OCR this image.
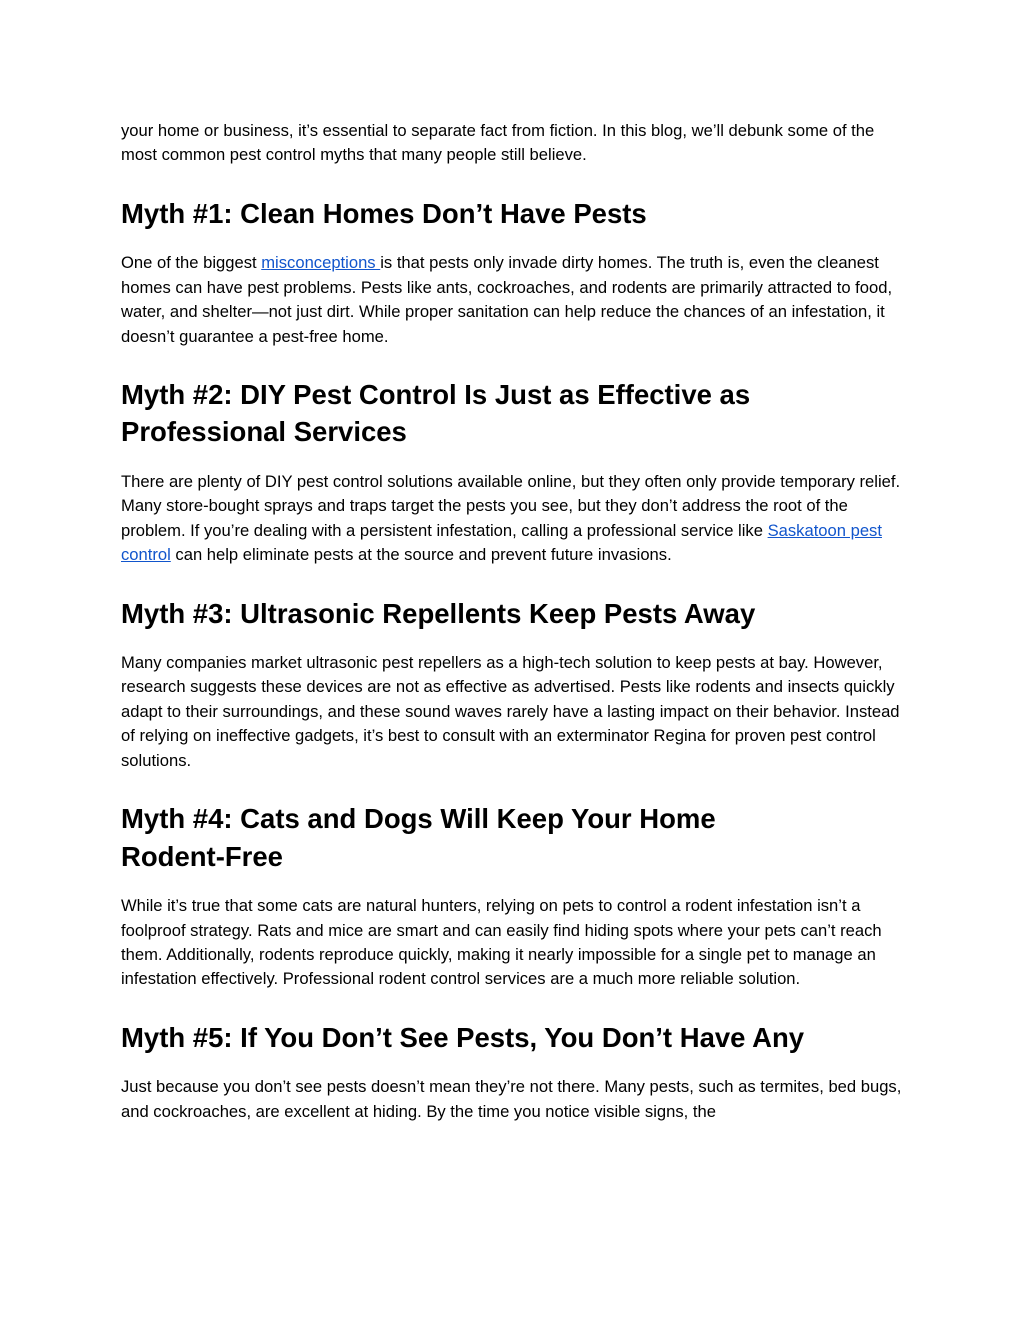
your home or business, it’s essential to separate fact from fiction. In this blog, we’ll debunk some of the most common pest control myths that many people still believe.

Myth #1: Clean Homes Don’t Have Pests

One of the biggest misconceptions is that pests only invade dirty homes. The truth is, even the cleanest homes can have pest problems. Pests like ants, cockroaches, and rodents are primarily attracted to food, water, and shelter—not just dirt. While proper sanitation can help reduce the chances of an infestation, it doesn’t guarantee a pest-free home.

Myth #2: DIY Pest Control Is Just as Effective as Professional Services

There are plenty of DIY pest control solutions available online, but they often only provide temporary relief. Many store-bought sprays and traps target the pests you see, but they don’t address the root of the problem. If you’re dealing with a persistent infestation, calling a professional service like Saskatoon pest control can help eliminate pests at the source and prevent future invasions.

Myth #3: Ultrasonic Repellents Keep Pests Away

Many companies market ultrasonic pest repellers as a high-tech solution to keep pests at bay. However, research suggests these devices are not as effective as advertised. Pests like rodents and insects quickly adapt to their surroundings, and these sound waves rarely have a lasting impact on their behavior. Instead of relying on ineffective gadgets, it’s best to consult with an exterminator Regina for proven pest control solutions.

Myth #4: Cats and Dogs Will Keep Your Home Rodent-Free

While it’s true that some cats are natural hunters, relying on pets to control a rodent infestation isn’t a foolproof strategy. Rats and mice are smart and can easily find hiding spots where your pets can’t reach them. Additionally, rodents reproduce quickly, making it nearly impossible for a single pet to manage an infestation effectively. Professional rodent control services are a much more reliable solution.

Myth #5: If You Don’t See Pests, You Don’t Have Any

Just because you don’t see pests doesn’t mean they’re not there. Many pests, such as termites, bed bugs, and cockroaches, are excellent at hiding. By the time you notice visible signs, the
